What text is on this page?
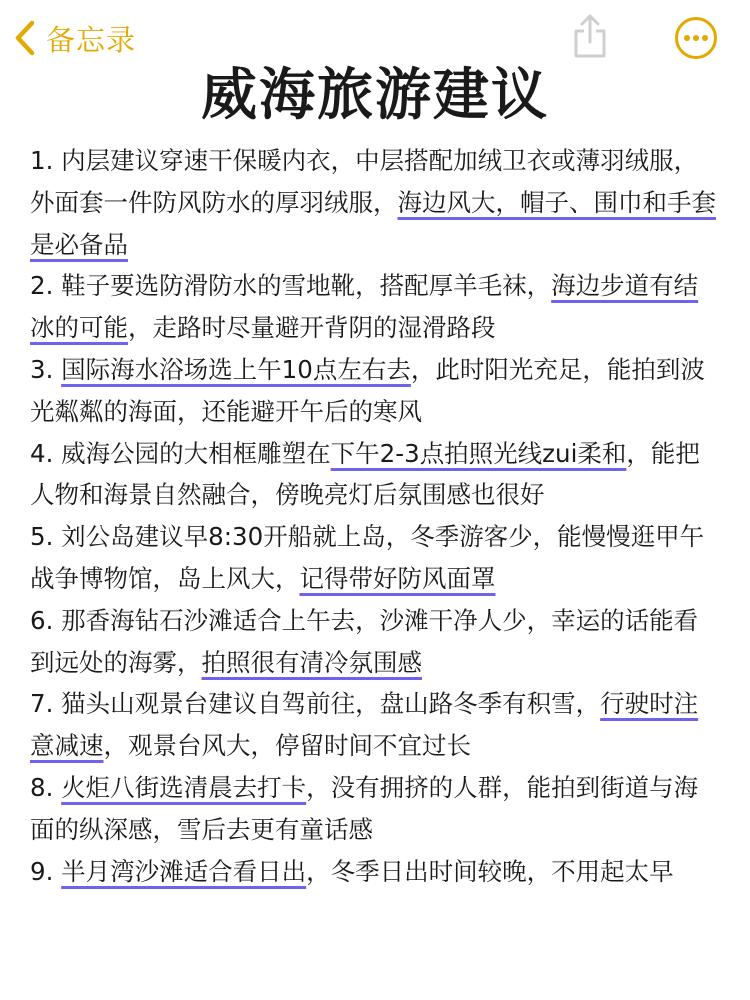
备忘录
威海旅游建议

1. 内层建议穿速干保暖内衣，中层搭配加绒卫衣或薄羽绒服，外面套一件防风防水的厚羽绒服，海边风大，帽子、围巾和手套是必备品

2. 鞋子要选防滑防水的雪地靴，搭配厚羊毛袜，海边步道有结冰的可能，走路时尽量避开背阴的湿滑路段

3. 国际海水浴场选上午10点左右去，此时阳光充足，能拍到波光粼粼的海面，还能避开午后的寒风

4. 威海公园的大相框雕塑在下午2-3点拍照光线zui柔和，能把人物和海景自然融合，傍晚亮灯后氛围感也很好

5. 刘公岛建议早8:30开船就上岛，冬季游客少，能慢慢逛甲午战争博物馆，岛上风大，记得带好防风面罩

6. 那香海钻石沙滩适合上午去，沙滩干净人少，幸运的话能看到远处的海雾，拍照很有清冷氛围感

7. 猫头山观景台建议自驾前往，盘山路冬季有积雪，行驶时注意减速，观景台风大，停留时间不宜过长

8. 火炬八街选清晨去打卡，没有拥挤的人群，能拍到街道与海面的纵深感，雪后去更有童话感

9. 半月湾沙滩适合看日出，冬季日出时间较晚，不用起太早
